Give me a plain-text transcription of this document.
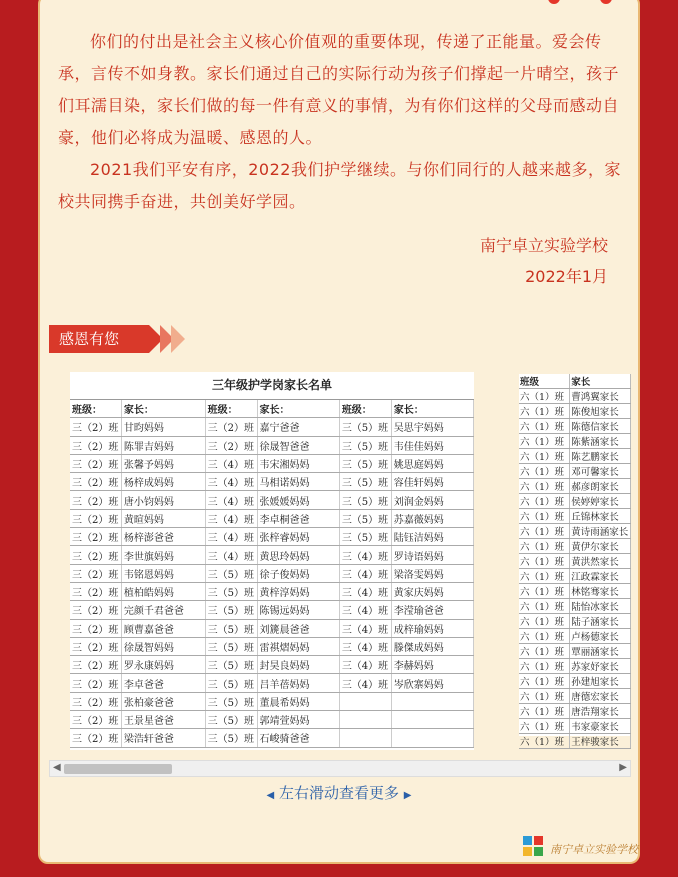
你们的付出是社会主义核心价值观的重要体现，传递了正能量。爱会传承，言传不如身教。家长们通过自己的实际行动为孩子们撑起一片晴空，孩子们耳濡目染，家长们做的每一件有意义的事情，为有你们这样的父母而感动自豪，他们必将成为温暖、感恩的人。

2021我们平安有序，2022我们护学继续。与你们同行的人越来越多，家校共同携手奋进，共创美好学园。

南宁卓立实验学校
2022年1月
感恩有您
三年级护学岗家长名单
班级：	家长：	班级：	家长：	班级：	家长：
三（2）班	甘昀妈妈	三（2）班	嘉宁爸爸	三（5）班	吴思宇妈妈
三（2）班	陈罪吉妈妈	三（2）班	徐晟智爸爸	三（5）班	韦佳佳妈妈
三（2）班	张馨予妈妈	三（4）班	韦宋湘妈妈	三（5）班	姚思庭妈妈
三（2）班	杨梓成妈妈	三（4）班	马相诺妈妈	三（5）班	容佳轩妈妈
三（2）班	唐小钧妈妈	三（4）班	张媛媛妈妈	三（5）班	刘润金妈妈
三（2）班	黄暄妈妈	三（4）班	李卓桐爸爸	三（5）班	苏嘉薇妈妈
三（2）班	杨梓澎爸爸	三（4）班	张梓睿妈妈	三（5）班	陆钰洁妈妈
三（2）班	李世旗妈妈	三（4）班	黄思玲妈妈	三（4）班	罗诗语妈妈
三（2）班	韦铭恩妈妈	三（5）班	徐子俊妈妈	三（4）班	梁洛雯妈妈
三（2）班	植柏皓妈妈	三（5）班	黄梓淳妈妈	三（4）班	黄家庆妈妈
三（2）班	完颜千君爸爸	三（5）班	陈锡远妈妈	三（4）班	李滢瑜爸爸
三（2）班	顾曹嘉爸爸	三（5）班	刘篪晨爸爸	三（4）班	成梓瑜妈妈
三（2）班	徐晟智妈妈	三（5）班	雷祺熠妈妈	三（4）班	滕傑成妈妈
三（2）班	罗永康妈妈	三（5）班	封昊良妈妈	三（4）班	李赫妈妈
三（2）班	李卓爸爸	三（5）班	吕羊蓓妈妈	三（4）班	岑欣寨妈妈
三（2）班	张柏豪爸爸	三（5）班	董晨希妈妈		
三（2）班	王景星爸爸	三（5）班	郭靖萱妈妈		
三（2）班	梁浩轩爸爸	三（5）班	石峻骑爸爸		
班级	家长
六（1）班	曹鸿翼家长
六（1）班	陈俊旭家长
六（1）班	陈德信家长
六（1）班	陈紫涵家长
六（1）班	陈艺鹏家长
六（1）班	邓可馨家长
六（1）班	郝彦朗家长
六（1）班	侯婷婷家长
六（1）班	丘锦林家长
六（1）班	黄诗雨涵家长
六（1）班	黄伊尔家长
六（1）班	黄洪然家长
六（1）班	江政霖家长
六（1）班	林铭骞家长
六（1）班	陆怡冰家长
六（1）班	陆子涵家长
六（1）班	卢杨德家长
六（1）班	覃丽涵家长
六（1）班	苏家妤家长
六（1）班	孙建旭家长
六（1）班	唐德宏家长
六（1）班	唐浩翔家长
六（1）班	韦家豪家长
六（1）班	王梓骏家长
◀	▶
◀ 左右滑动查看更多 ▶
南宁卓立实验学校
